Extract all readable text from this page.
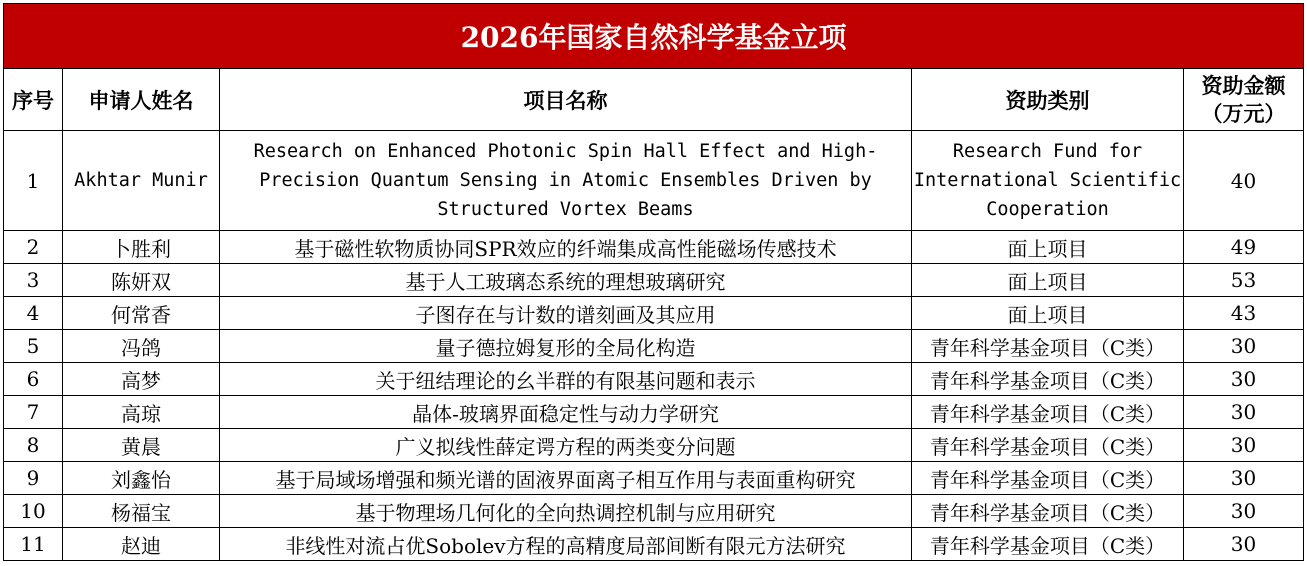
2026年国家自然科学基金立项				
序号	申请人姓名	项目名称	资助类别	资助金额
（万元）
1	Akhtar Munir	Research on Enhanced Photonic Spin Hall Effect and High-Precision Quantum Sensing in Atomic Ensembles Driven by Structured Vortex Beams	Research Fund for International Scientific Cooperation	40
2	卜胜利	基于磁性软物质协同SPR效应的纤端集成高性能磁场传感技术	面上项目	49
3	陈妍双	基于人工玻璃态系统的理想玻璃研究	面上项目	53
4	何常香	子图存在与计数的谱刻画及其应用	面上项目	43
5	冯鸽	量子德拉姆复形的全局化构造	青年科学基金项目（C类）	30
6	高梦	关于纽结理论的幺半群的有限基问题和表示	青年科学基金项目（C类）	30
7	高琼	晶体-玻璃界面稳定性与动力学研究	青年科学基金项目（C类）	30
8	黄晨	广义拟线性薛定谔方程的两类变分问题	青年科学基金项目（C类）	30
9	刘鑫怡	基于局域场增强和频光谱的固液界面离子相互作用与表面重构研究	青年科学基金项目（C类）	30
10	杨福宝	基于物理场几何化的全向热调控机制与应用研究	青年科学基金项目（C类）	30
11	赵迪	非线性对流占优Sobolev方程的高精度局部间断有限元方法研究	青年科学基金项目（C类）	30
